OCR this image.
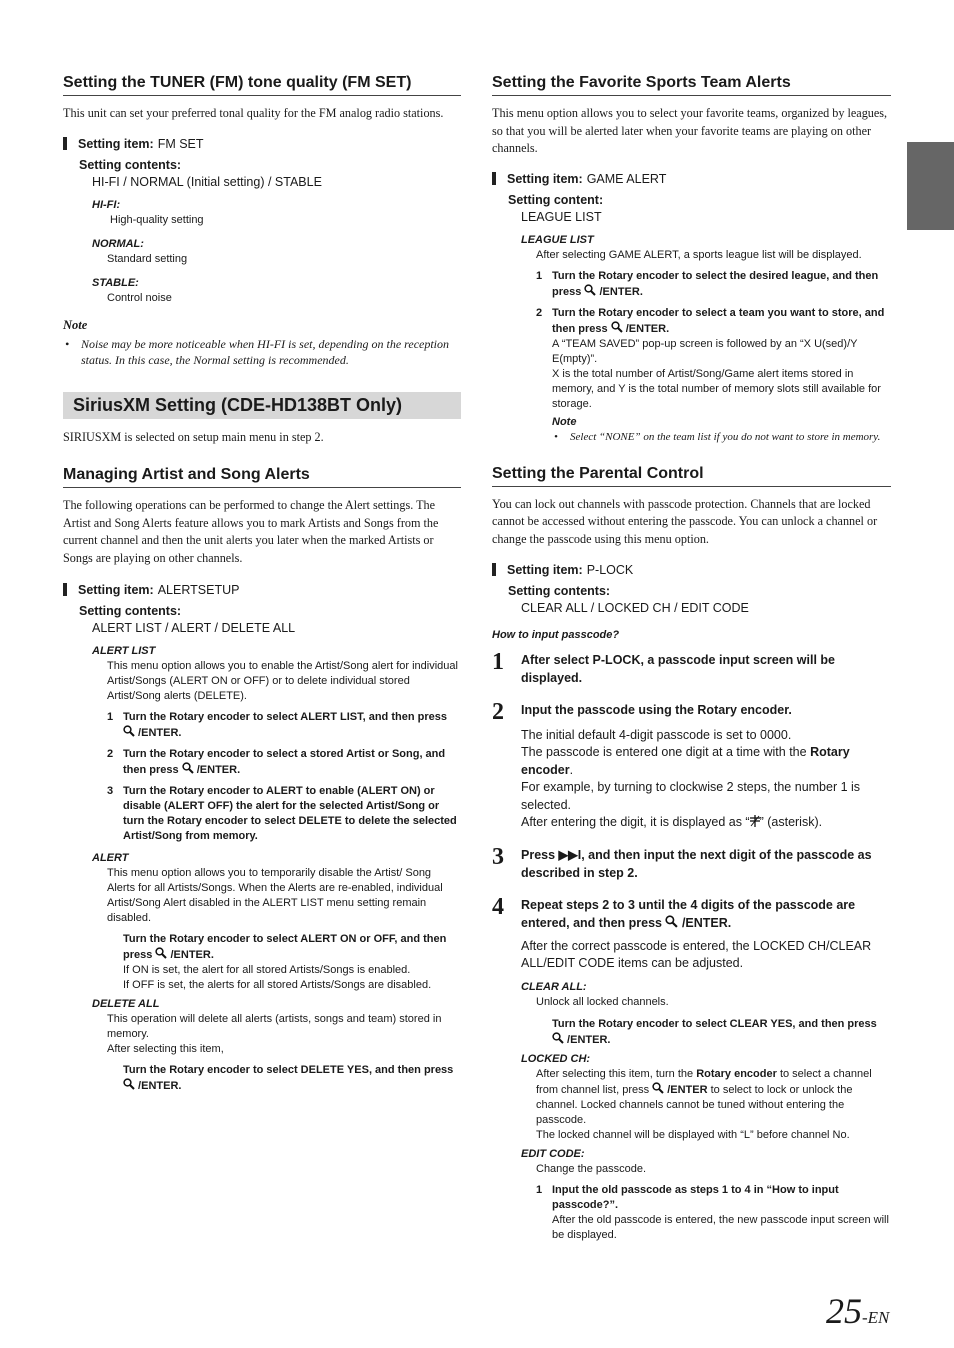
Setting the TUNER (FM) tone quality (FM SET)

This unit can set your preferred tonal quality for the FM analog radio stations.

Setting item: FM SET
Setting contents:
HI-FI / NORMAL (Initial setting) / STABLE
HI-FI:
High-quality setting
NORMAL:
Standard setting
STABLE:
Control noise
Note
• Noise may be more noticeable when HI-FI is set, depending on the reception status. In this case, the Normal setting is recommended.
SiriusXM Setting (CDE-HD138BT Only)

SIRIUSXM is selected on setup main menu in step 2.

Managing Artist and Song Alerts

The following operations can be performed to change the Alert settings. The Artist and Song Alerts feature allows you to mark Artists and Songs from the current channel and then the unit alerts you later when the marked Artists or Songs are playing on other channels.

Setting item: ALERTSETUP
Setting contents:
ALERT LIST / ALERT / DELETE ALL
ALERT LIST
This menu option allows you to enable the Artist/Song alert for individual Artist/Songs (ALERT ON or OFF) or to delete individual stored Artist/Song alerts (DELETE).
1 Turn the Rotary encoder to select ALERT LIST, and then press  /ENTER.
2 Turn the Rotary encoder to select a stored Artist or Song, and then press  /ENTER.
3 Turn the Rotary encoder to ALERT to enable (ALERT ON) or disable (ALERT OFF) the alert for the selected Artist/Song or turn the Rotary encoder to select DELETE to delete the selected Artist/Song from memory.
ALERT
This menu option allows you to temporarily disable the Artist/ Song Alerts for all Artists/Songs. When the Alerts are re-enabled, individual Artist/Song Alert disabled in the ALERT LIST menu setting remain disabled.
Turn the Rotary encoder to select ALERT ON or OFF, and then press  /ENTER.
If ON is set, the alert for all stored Artists/Songs is enabled.
If OFF is set, the alerts for all stored Artists/Songs are disabled.
DELETE ALL
This operation will delete all alerts (artists, songs and team) stored in memory.
After selecting this item,
Turn the Rotary encoder to select DELETE YES, and then press  /ENTER.
Setting the Favorite Sports Team Alerts

This menu option allows you to select your favorite teams, organized by leagues, so that you will be alerted later when your favorite teams are playing on other channels.

Setting item: GAME ALERT
Setting content:
LEAGUE LIST
LEAGUE LIST
After selecting GAME ALERT, a sports league list will be displayed.
1 Turn the Rotary encoder to select the desired league, and then press  /ENTER.
2 Turn the Rotary encoder to select a team you want to store, and then press  /ENTER.
A “TEAM SAVED” pop-up screen is followed by an “X U(sed)/Y E(mpty)”.
X is the total number of Artist/Song/Game alert items stored in memory, and Y is the total number of memory slots still available for storage.
Note
•	Select “NONE” on the team list if you do not want to store in memory.
Setting the Parental Control

You can lock out channels with passcode protection. Channels that are locked cannot be accessed without entering the passcode. You can unlock a channel or change the passcode using this menu option.

Setting item: P-LOCK
Setting contents:
CLEAR ALL / LOCKED CH / EDIT CODE
How to input passcode?
1	After select P-LOCK, a passcode input screen will be displayed.
2	Input the passcode using the Rotary encoder.
The initial default 4-digit passcode is set to 0000.
The passcode is entered one digit at a time with the Rotary encoder.
For example, by turning to clockwise 2 steps, the number 1 is selected.
After entering the digit, it is displayed as “ ” (asterisk).
3	Press ▶▶I, and then input the next digit of the passcode as described in step 2.
4	Repeat steps 2 to 3 until the 4 digits of the passcode are entered, and then press  /ENTER.
After the correct passcode is entered, the LOCKED CH/CLEAR ALL/EDIT CODE items can be adjusted.
CLEAR ALL:
Unlock all locked channels.
Turn the Rotary encoder to select CLEAR YES, and then press  /ENTER.
LOCKED CH:
After selecting this item, turn the Rotary encoder to select a channel from channel list, press  /ENTER to select to lock or unlock the channel. Locked channels cannot be tuned without entering the passcode.
The locked channel will be displayed with “L” before channel No.
EDIT CODE:
Change the passcode.
1 Input the old passcode as steps 1 to 4 in “How to input passcode?”.
After the old passcode is entered, the new passcode input screen will be displayed.
25-EN
